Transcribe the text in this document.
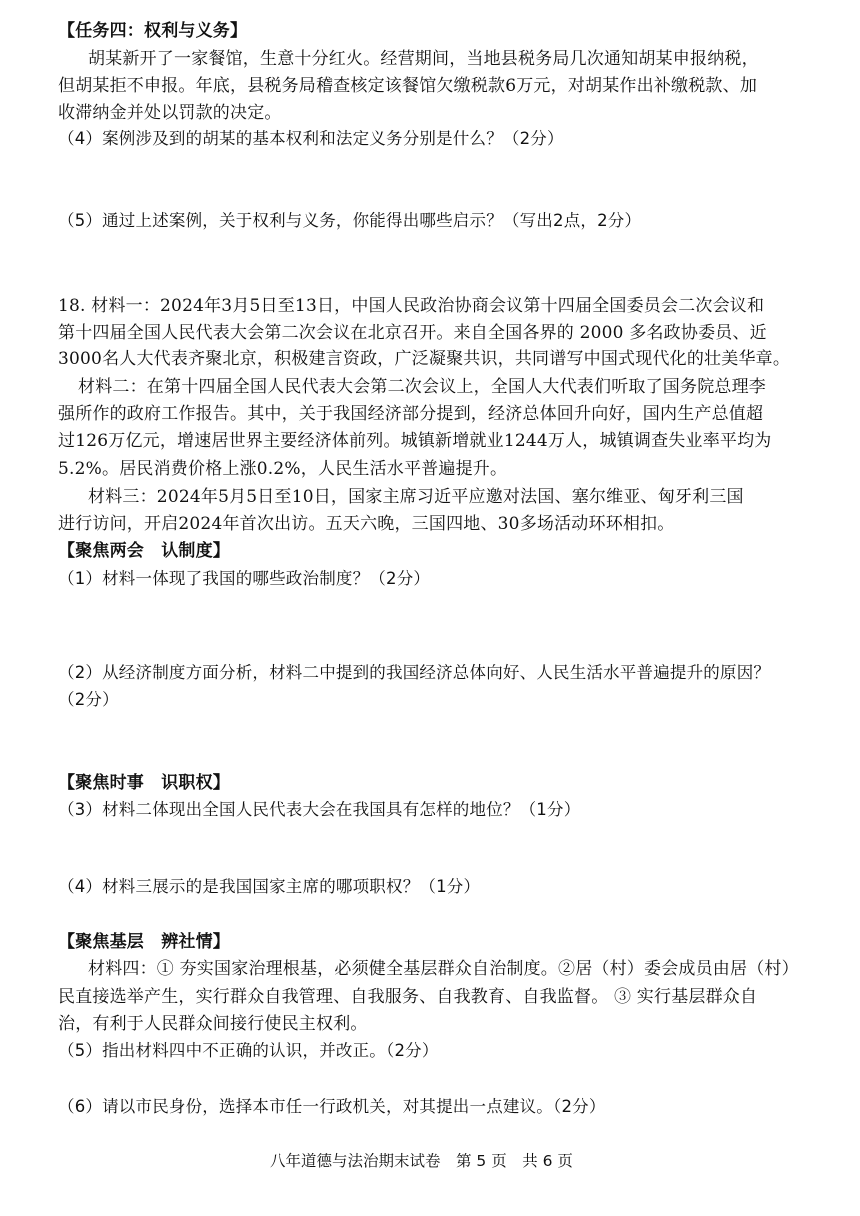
【任务四：权利与义务】
胡某新开了一家餐馆，生意十分红火。经营期间，当地县税务局几次通知胡某申报纳税，
但胡某拒不申报。年底，县税务局稽查核定该餐馆欠缴税款6万元，对胡某作出补缴税款、加
收滞纳金并处以罚款的决定。
（4）案例涉及到的胡某的基本权利和法定义务分别是什么？（2分）
（5）通过上述案例，关于权利与义务，你能得出哪些启示？（写出2点，2分）
18. 材料一：2024年3月5日至13日，中国人民政治协商会议第十四届全国委员会二次会议和
第十四届全国人民代表大会第二次会议在北京召开。来自全国各界的 2000 多名政协委员、近
3000名人大代表齐聚北京，积极建言资政，广泛凝聚共识，共同谱写中国式现代化的壮美华章。
材料二：在第十四届全国人民代表大会第二次会议上，全国人大代表们听取了国务院总理李
强所作的政府工作报告。其中，关于我国经济部分提到，经济总体回升向好，国内生产总值超
过126万亿元，增速居世界主要经济体前列。城镇新增就业1244万人，城镇调查失业率平均为
5.2%。居民消费价格上涨0.2%，人民生活水平普遍提升。
材料三：2024年5月5日至10日，国家主席习近平应邀对法国、塞尔维亚、匈牙利三国
进行访问，开启2024年首次出访。五天六晚，三国四地、30多场活动环环相扣。
【聚焦两会　认制度】
（1）材料一体现了我国的哪些政治制度？（2分）
（2）从经济制度方面分析，材料二中提到的我国经济总体向好、人民生活水平普遍提升的原因？
（2分）
【聚焦时事　识职权】
（3）材料二体现出全国人民代表大会在我国具有怎样的地位？（1分）
（4）材料三展示的是我国国家主席的哪项职权？（1分）
【聚焦基层　辨社情】
材料四：① 夯实国家治理根基，必须健全基层群众自治制度。②居（村）委会成员由居（村）
民直接选举产生，实行群众自我管理、自我服务、自我教育、自我监督。 ③ 实行基层群众自
治，有利于人民群众间接行使民主权利。
（5）指出材料四中不正确的认识，并改正。（2分）
（6）请以市民身份，选择本市任一行政机关，对其提出一点建议。（2分）
八年道德与法治期末试卷　第 5 页　共 6 页
